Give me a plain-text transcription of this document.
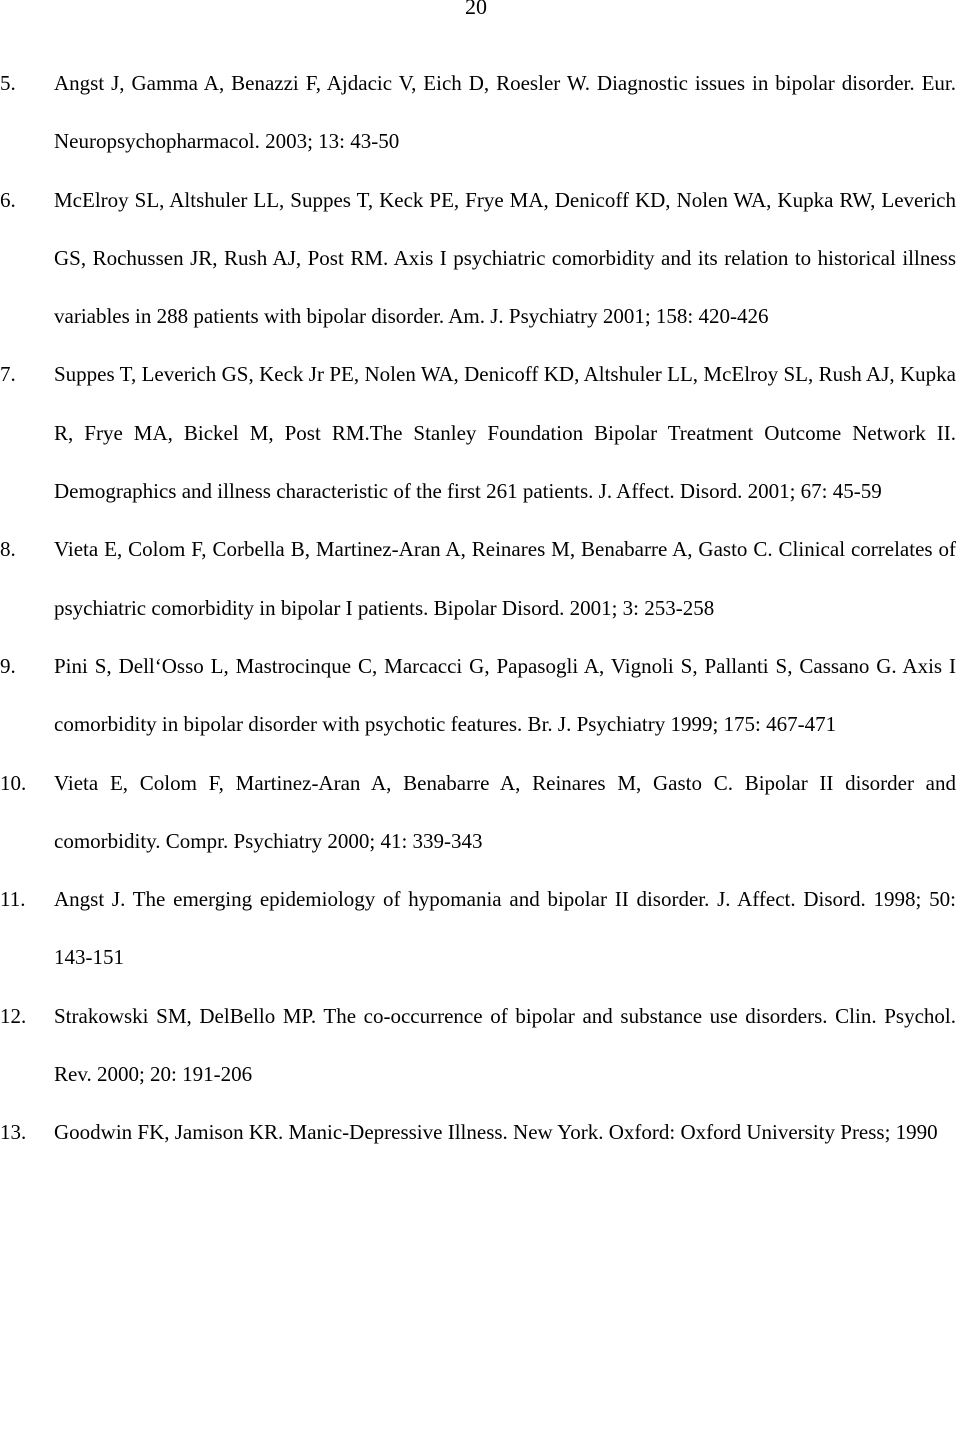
20
5. Angst J, Gamma A, Benazzi F, Ajdacic V, Eich D, Roesler W. Diagnostic issues in bipolar disorder. Eur. Neuropsychopharmacol. 2003; 13: 43-50
6. McElroy SL, Altshuler LL, Suppes T, Keck PE, Frye MA, Denicoff KD, Nolen WA, Kupka RW, Leverich GS, Rochussen JR, Rush AJ, Post RM. Axis I psychiatric comorbidity and its relation to historical illness variables in 288 patients with bipolar disorder. Am. J. Psychiatry 2001; 158: 420-426
7. Suppes T, Leverich GS, Keck Jr PE, Nolen WA, Denicoff KD, Altshuler LL, McElroy SL, Rush AJ, Kupka R, Frye MA, Bickel M, Post RM.The Stanley Foundation Bipolar Treatment Outcome Network II. Demographics and illness characteristic of the first 261 patients. J. Affect. Disord. 2001; 67: 45-59
8. Vieta E, Colom F, Corbella B, Martinez-Aran A, Reinares M, Benabarre A, Gasto C. Clinical correlates of psychiatric comorbidity in bipolar I patients. Bipolar Disord. 2001; 3: 253-258
9. Pini S, Dell‘Osso L, Mastrocinque C, Marcacci G, Papasogli A, Vignoli S, Pallanti S, Cassano G. Axis I comorbidity in bipolar disorder with psychotic features. Br. J. Psychiatry 1999; 175: 467-471
10. Vieta E, Colom F, Martinez-Aran A, Benabarre A, Reinares M, Gasto C. Bipolar II disorder and comorbidity. Compr. Psychiatry 2000; 41: 339-343
11. Angst J. The emerging epidemiology of hypomania and bipolar II disorder. J. Affect. Disord. 1998; 50: 143-151
12. Strakowski SM, DelBello MP. The co-occurrence of bipolar and substance use disorders. Clin. Psychol. Rev. 2000; 20: 191-206
13. Goodwin FK, Jamison KR. Manic-Depressive Illness. New York. Oxford: Oxford University Press; 1990
